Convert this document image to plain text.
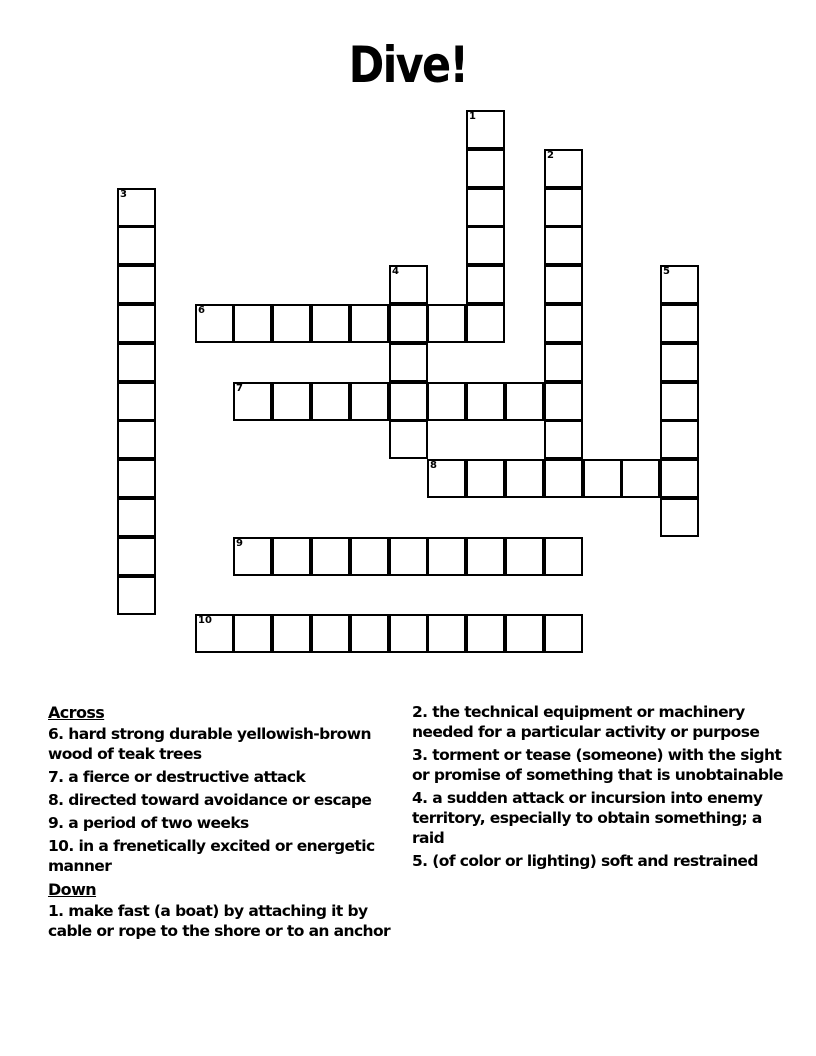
Dive!
1
2
3
4	5
6
7
8
9
10
Across
6. hard strong durable yellowish-brown wood of teak trees
7. a fierce or destructive attack
8. directed toward avoidance or escape
9. a period of two weeks
10. in a frenetically excited or energetic manner
Down
1. make fast (a boat) by attaching it by cable or rope to the shore or to an anchor
2. the technical equipment or machinery needed for a particular activity or purpose
3. torment or tease (someone) with the sight or promise of something that is unobtainable
4. a sudden attack or incursion into enemy territory, especially to obtain something; a raid
5. (of color or lighting) soft and restrained
